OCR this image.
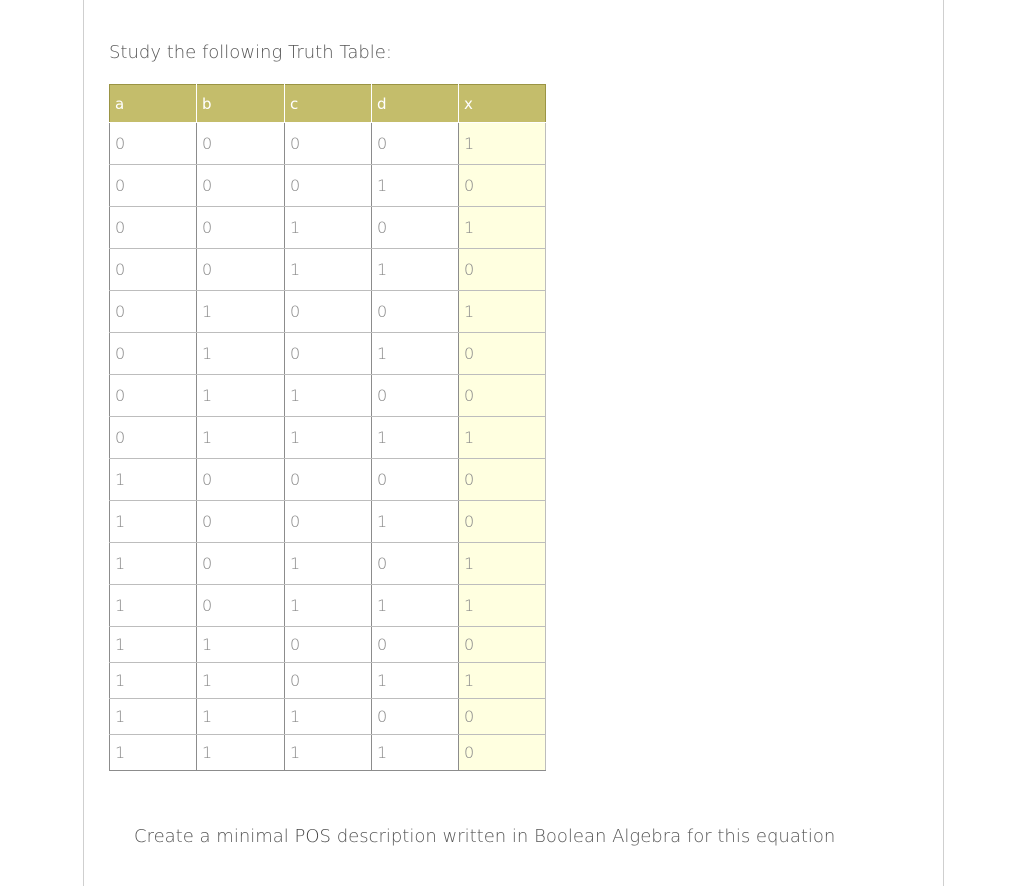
Study the following Truth Table:
a	b	c	d	x
0	0	0	0	1
0	0	0	1	0
0	0	1	0	1
0	0	1	1	0
0	1	0	0	1
0	1	0	1	0
0	1	1	0	0
0	1	1	1	1
1	0	0	0	0
1	0	0	1	0
1	0	1	0	1
1	0	1	1	1
1	1	0	0	0
1	1	0	1	1
1	1	1	0	0
1	1	1	1	0
Create a minimal POS description written in Boolean Algebra for this equation
